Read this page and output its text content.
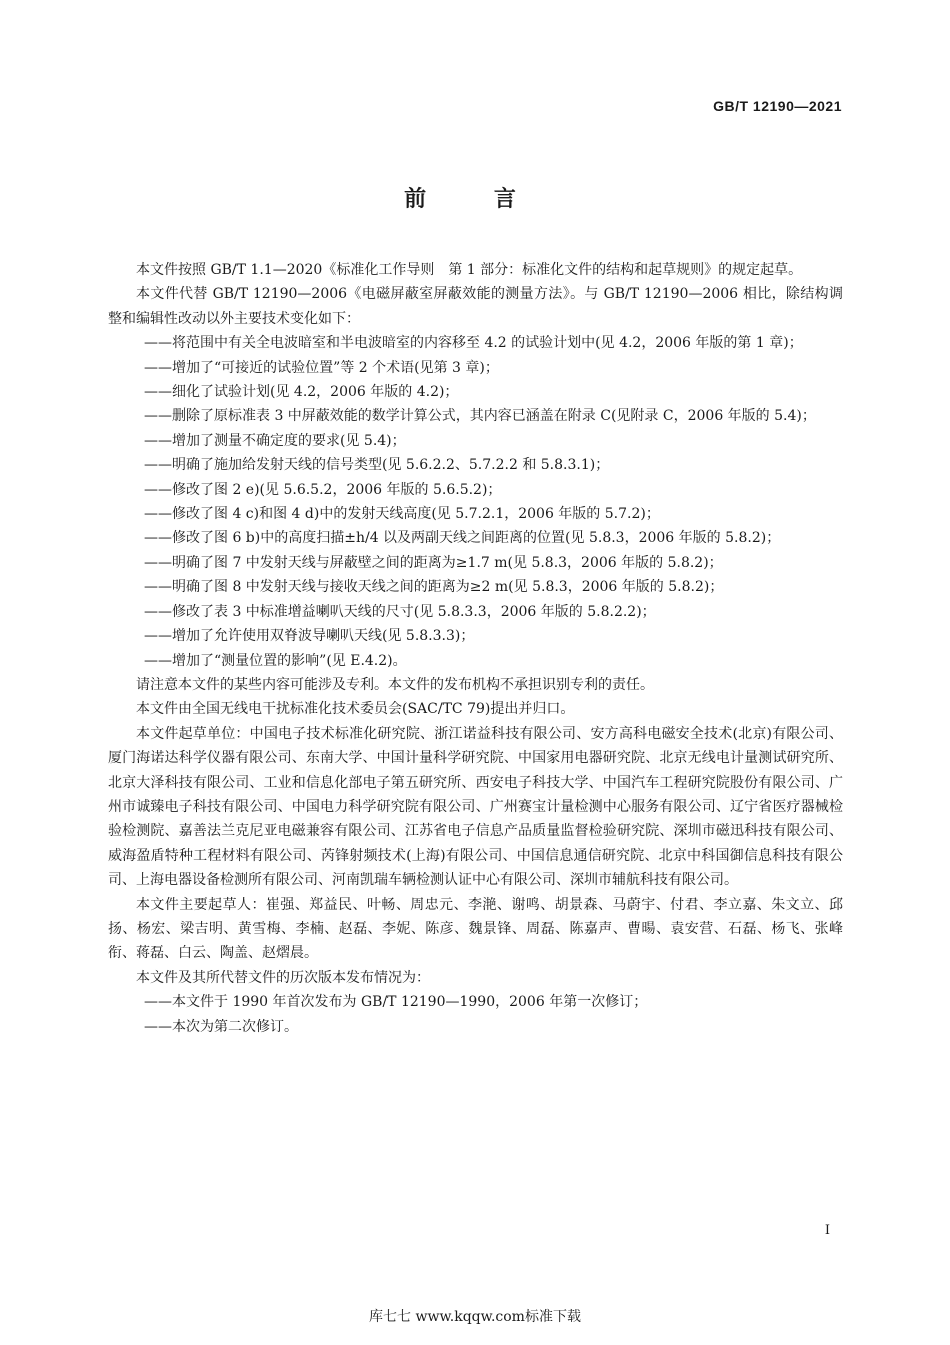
GB/T 12190—2021
前 言

本文件按照 GB/T 1.1—2020《标准化工作导则　第 1 部分：标准化文件的结构和起草规则》的规定起草。

本文件代替 GB/T 12190—2006《电磁屏蔽室屏蔽效能的测量方法》。与 GB/T 12190—2006 相比，除结构调整和编辑性改动以外主要技术变化如下：

——将范围中有关全电波暗室和半电波暗室的内容移至 4.2 的试验计划中(见 4.2，2006 年版的第 1 章)；

——增加了“可接近的试验位置”等 2 个术语(见第 3 章)；

——细化了试验计划(见 4.2，2006 年版的 4.2)；

——删除了原标准表 3 中屏蔽效能的数学计算公式，其内容已涵盖在附录 C(见附录 C，2006 年版的 5.4)；

——增加了测量不确定度的要求(见 5.4)；

——明确了施加给发射天线的信号类型(见 5.6.2.2、5.7.2.2 和 5.8.3.1)；

——修改了图 2 e)(见 5.6.5.2，2006 年版的 5.6.5.2)；

——修改了图 4 c)和图 4 d)中的发射天线高度(见 5.7.2.1，2006 年版的 5.7.2)；

——修改了图 6 b)中的高度扫描±h/4 以及两副天线之间距离的位置(见 5.8.3，2006 年版的 5.8.2)；

——明确了图 7 中发射天线与屏蔽壁之间的距离为≥1.7 m(见 5.8.3，2006 年版的 5.8.2)；

——明确了图 8 中发射天线与接收天线之间的距离为≥2 m(见 5.8.3，2006 年版的 5.8.2)；

——修改了表 3 中标准增益喇叭天线的尺寸(见 5.8.3.3，2006 年版的 5.8.2.2)；

——增加了允许使用双脊波导喇叭天线(见 5.8.3.3)；

——增加了“测量位置的影响”(见 E.4.2)。

请注意本文件的某些内容可能涉及专利。本文件的发布机构不承担识别专利的责任。

本文件由全国无线电干扰标准化技术委员会(SAC/TC 79)提出并归口。

本文件起草单位：中国电子技术标准化研究院、浙江诺益科技有限公司、安方高科电磁安全技术(北京)有限公司、厦门海诺达科学仪器有限公司、东南大学、中国计量科学研究院、中国家用电器研究院、北京无线电计量测试研究所、北京大泽科技有限公司、工业和信息化部电子第五研究所、西安电子科技大学、中国汽车工程研究院股份有限公司、广州市诚臻电子科技有限公司、中国电力科学研究院有限公司、广州赛宝计量检测中心服务有限公司、辽宁省医疗器械检验检测院、嘉善法兰克尼亚电磁兼容有限公司、江苏省电子信息产品质量监督检验研究院、深圳市磁迅科技有限公司、威海盈盾特种工程材料有限公司、芮锋射频技术(上海)有限公司、中国信息通信研究院、北京中科国御信息科技有限公司、上海电器设备检测所有限公司、河南凯瑞车辆检测认证中心有限公司、深圳市辅航科技有限公司。

本文件主要起草人：崔强、郑益民、叶畅、周忠元、李滟、谢鸣、胡景森、马蔚宇、付君、李立嘉、朱文立、邱扬、杨宏、梁吉明、黄雪梅、李楠、赵磊、李妮、陈彦、魏景锋、周磊、陈嘉声、曹暘、袁安营、石磊、杨飞、张峰衔、蒋磊、白云、陶盖、赵熠晨。

本文件及其所代替文件的历次版本发布情况为：

——本文件于 1990 年首次发布为 GB/T 12190—1990，2006 年第一次修订；

——本次为第二次修订。

I
库七七 www.kqqw.com标准下载
